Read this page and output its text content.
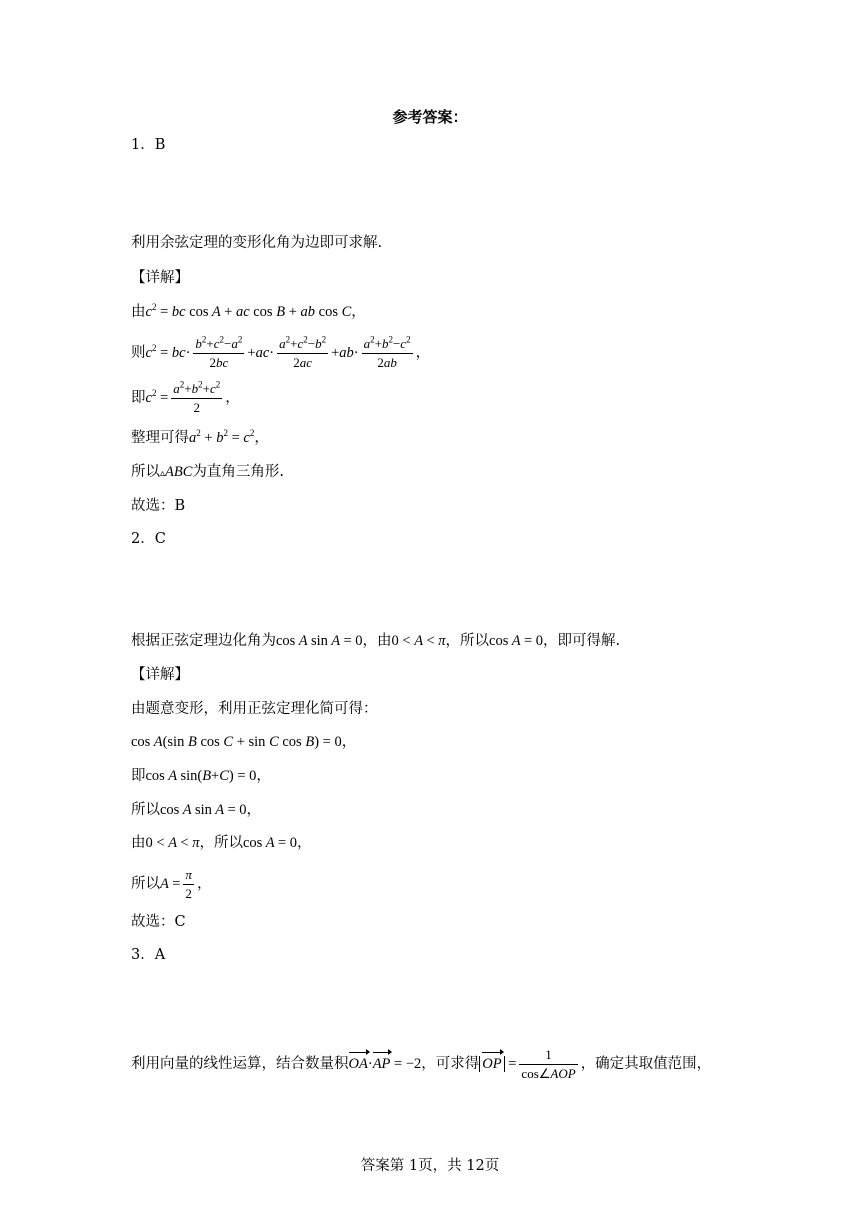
参考答案：
1．B
利用余弦定理的变形化角为边即可求解.
【详解】
由$c^2$ = bc cos A + ac cos B + ab cos C，
则$c^2 = bc\cdot \frac{b^2+c^2-a^2}{2bc} +ac\cdot \frac{a^2+c^2-b^2}{2ac} +ab\cdot \frac{a^2+b^2-c^2}{2ab}$ ，
即$c^2 = \frac{a^2+b^2+c^2}{2}$ ，
整理可得$a^2 + b^2 = c^2$，
所以▵ABC为直角三角形.
故选：B
2．C
根据正弦定理边化角为cos A sin A = 0，由0 < A < π，所以cos A = 0，即可得解.
【详解】
由题意变形，利用正弦定理化简可得：
cos A(sin B cos C + sin C cos B) = 0，
即cos A sin(B+C) = 0，
所以cos A sin A = 0，
由0 < A < π，所以cos A = 0，
所以$A = \frac{\pi}{2}$ ，
故选：C
3．A
利用向量的线性运算，结合数量积OA·AP = −2，可求得 OP = $\frac{1}{\text{cos∠AOP}}$ ，确定其取值范围，
答案第 1页，共 12页
